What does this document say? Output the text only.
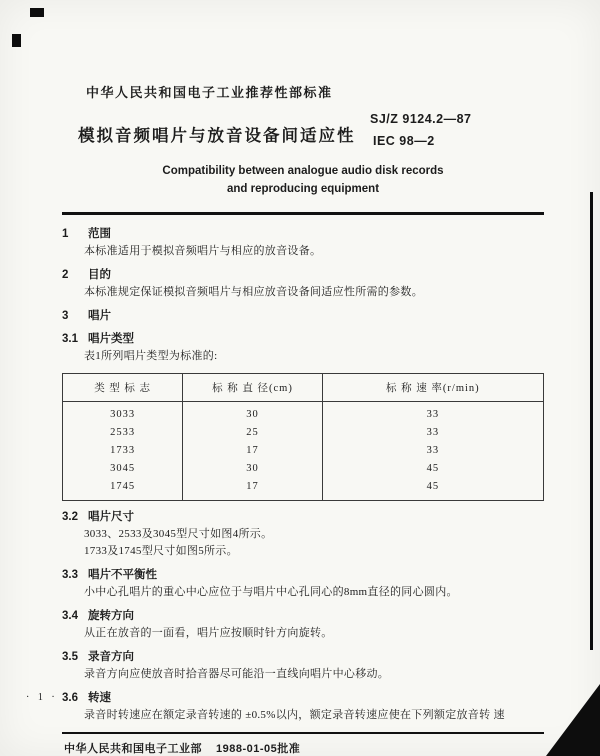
中华人民共和国电子工业推荐性部标准
模拟音频唱片与放音设备间适应性
SJ/Z 9124.2—87
IEC 98—2
Compatibility between analogue audio disk records
and reproducing equipment
1 范围
本标准适用于模拟音频唱片与相应的放音设备。
2 目的
本标准规定保证模拟音频唱片与相应放音设备间适应性所需的参数。
3 唱片
3.1 唱片类型
表1所列唱片类型为标准的:
类 型 标 志	标 称 直 径(cm)	标 称 速 率(r/min)
3033	30	33
2533	25	33
1733	17	33
3045	30	45
1745	17	45
3.2 唱片尺寸
3033、2533及3045型尺寸如图4所示。
1733及1745型尺寸如图5所示。
3.3 唱片不平衡性
小中心孔唱片的重心中心应位于与唱片中心孔同心的8mm直径的同心圆内。
3.4 旋转方向
从正在放音的一面看，唱片应按顺时针方向旋转。
3.5 录音方向
录音方向应使放音时拾音器尽可能沿一直线向唱片中心移动。
3.6 转速
录音时转速应在额定录音转速的 ±0.5%以内，额定录音转速应使在下列额定放音转 速
中华人民共和国电子工业部 1988-01-05批准
· 1 ·
